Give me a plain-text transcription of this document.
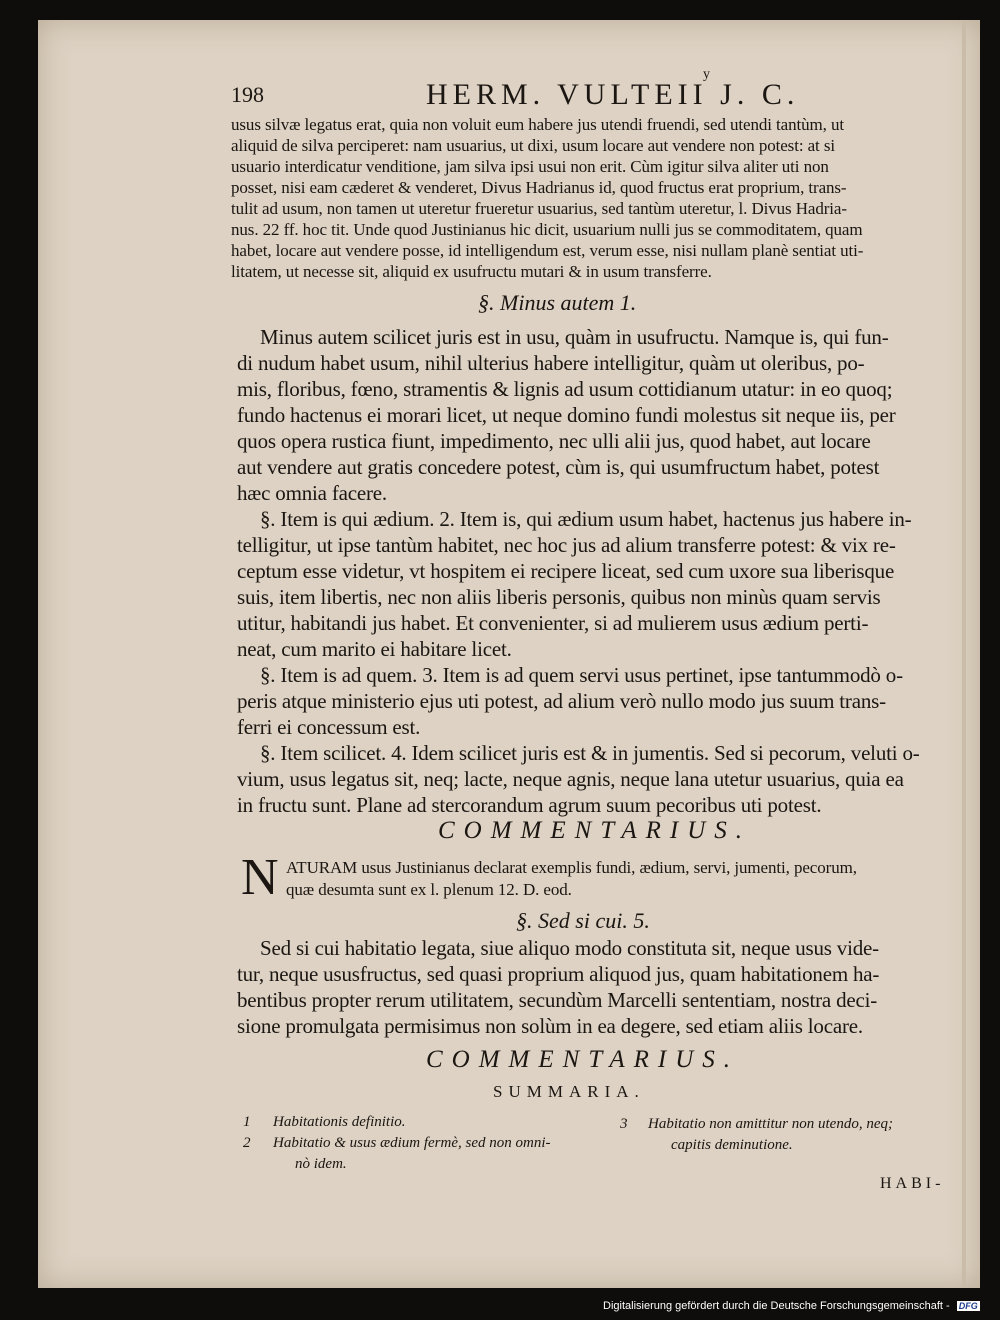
198	HERM. VULTEII J. C.
y
usus silvæ legatus erat, quia non voluit eum habere jus utendi fruendi, sed utendi tantùm, ut
aliquid de silva perciperet: nam usuarius, ut dixi, usum locare aut vendere non potest: at si
usuario interdicatur venditione, jam silva ipsi usui non erit. Cùm igitur silva aliter uti non
posset, nisi eam cæderet & venderet, Divus Hadrianus id, quod fructus erat proprium, trans-
tulit ad usum, non tamen ut uteretur frueretur usuarius, sed tantùm uteretur, l. Divus Hadria-
nus. 22 ff. hoc tit. Unde quod Justinianus hic dicit, usuarium nulli jus se commoditatem, quam
habet, locare aut vendere posse, id intelligendum est, verum esse, nisi nullam planè sentiat uti-
litatem, ut necesse sit, aliquid ex usufructu mutari & in usum transferre.
§. Minus autem 1.
Minus autem scilicet juris est in usu, quàm in usufructu. Namque is, qui fun-
di nudum habet usum, nihil ulterius habere intelligitur, quàm ut oleribus, po-
mis, floribus, fœno, stramentis & lignis ad usum cottidianum utatur: in eo quoq;
fundo hactenus ei morari licet, ut neque domino fundi molestus sit neque iis, per
quos opera rustica fiunt, impedimento, nec ulli alii jus, quod habet, aut locare
aut vendere aut gratis concedere potest, cùm is, qui usumfructum habet, potest
hæc omnia facere.
§. Item is qui ædium. 2. Item is, qui ædium usum habet, hactenus jus habere in-
telligitur, ut ipse tantùm habitet, nec hoc jus ad alium transferre potest: & vix re-
ceptum esse videtur, vt hospitem ei recipere liceat, sed cum uxore sua liberisque
suis, item libertis, nec non aliis liberis personis, quibus non minùs quam servis
utitur, habitandi jus habet. Et convenienter, si ad mulierem usus ædium perti-
neat, cum marito ei habitare licet.
§. Item is ad quem. 3. Item is ad quem servi usus pertinet, ipse tantummodò o-
peris atque ministerio ejus uti potest, ad alium verò nullo modo jus suum trans-
ferri ei concessum est.
§. Item scilicet. 4. Idem scilicet juris est & in jumentis. Sed si pecorum, veluti o-
vium, usus legatus sit, neq; lacte, neque agnis, neque lana utetur usuarius, quia ea
in fructu sunt. Plane ad stercorandum agrum suum pecoribus uti potest.
COMMENTARIUS.
N ATURAM usus Justinianus declarat exemplis fundi, ædium, servi, jumenti, pecorum,
quæ desumta sunt ex l. plenum 12. D. eod.
§. Sed si cui. 5.
Sed si cui habitatio legata, siue aliquo modo constituta sit, neque usus vide-
tur, neque ususfructus, sed quasi proprium aliquod jus, quam habitationem ha-
bentibus propter rerum utilitatem, secundùm Marcelli sententiam, nostra deci-
sione promulgata permisimus non solùm in ea degere, sed etiam aliis locare.
COMMENTARIUS.
SUMMARIA.
1 Habitationis definitio.
2 Habitatio & usus ædium fermè, sed non omni-
nò idem.
3 Habitatio non amittitur non utendo, neq;
capitis deminutione.
HABI-
Digitalisierung gefördert durch die Deutsche Forschungsgemeinschaft - DFG
